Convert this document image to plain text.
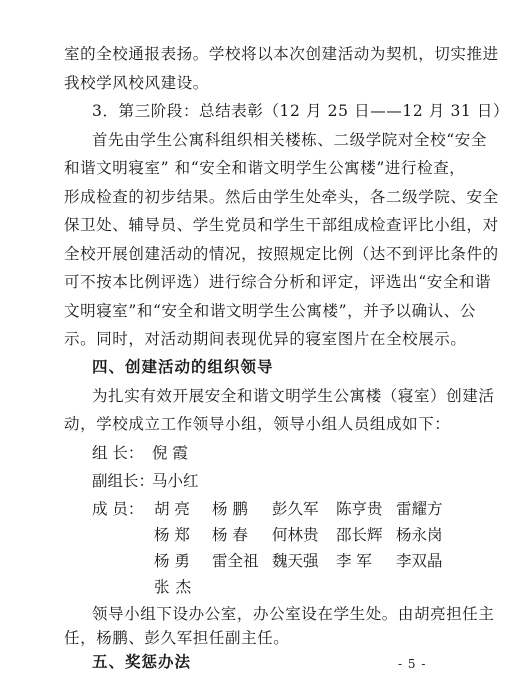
室的全校通报表扬。学校将以本次创建活动为契机，切实推进
我校学风校风建设。
3．第三阶段：总结表彰（12 月 25 日——12 月 31 日）
首先由学生公寓科组织相关楼栋、二级学院对全校“安全
和谐文明寝室” 和“安全和谐文明学生公寓楼”进行检查，
形成检查的初步结果。然后由学生处牵头，各二级学院、安全
保卫处、辅导员、学生党员和学生干部组成检查评比小组，对
全校开展创建活动的情况，按照规定比例（达不到评比条件的
可不按本比例评选）进行综合分析和评定，评选出“安全和谐
文明寝室”和“安全和谐文明学生公寓楼”，并予以确认、公
示。同时，对活动期间表现优异的寝室图片在全校展示。
四、创建活动的组织领导
为扎实有效开展安全和谐文明学生公寓楼（寝室）创建活
动，学校成立工作领导小组，领导小组人员组成如下：
组 长： 倪 霞
副组长：
马小红
成 员： 胡 亮 杨 鹏 彭久军 陈亨贵 雷耀方
杨 郑 杨 春 何林贵 邵长辉 杨永岗
杨 勇 雷全祖 魏天强 李 军 李双晶
- 5 -
张 杰
领导小组下设办公室，办公室设在学生处。由胡亮担任主
任，杨鹏、彭久军担任副主任。
五、奖惩办法
